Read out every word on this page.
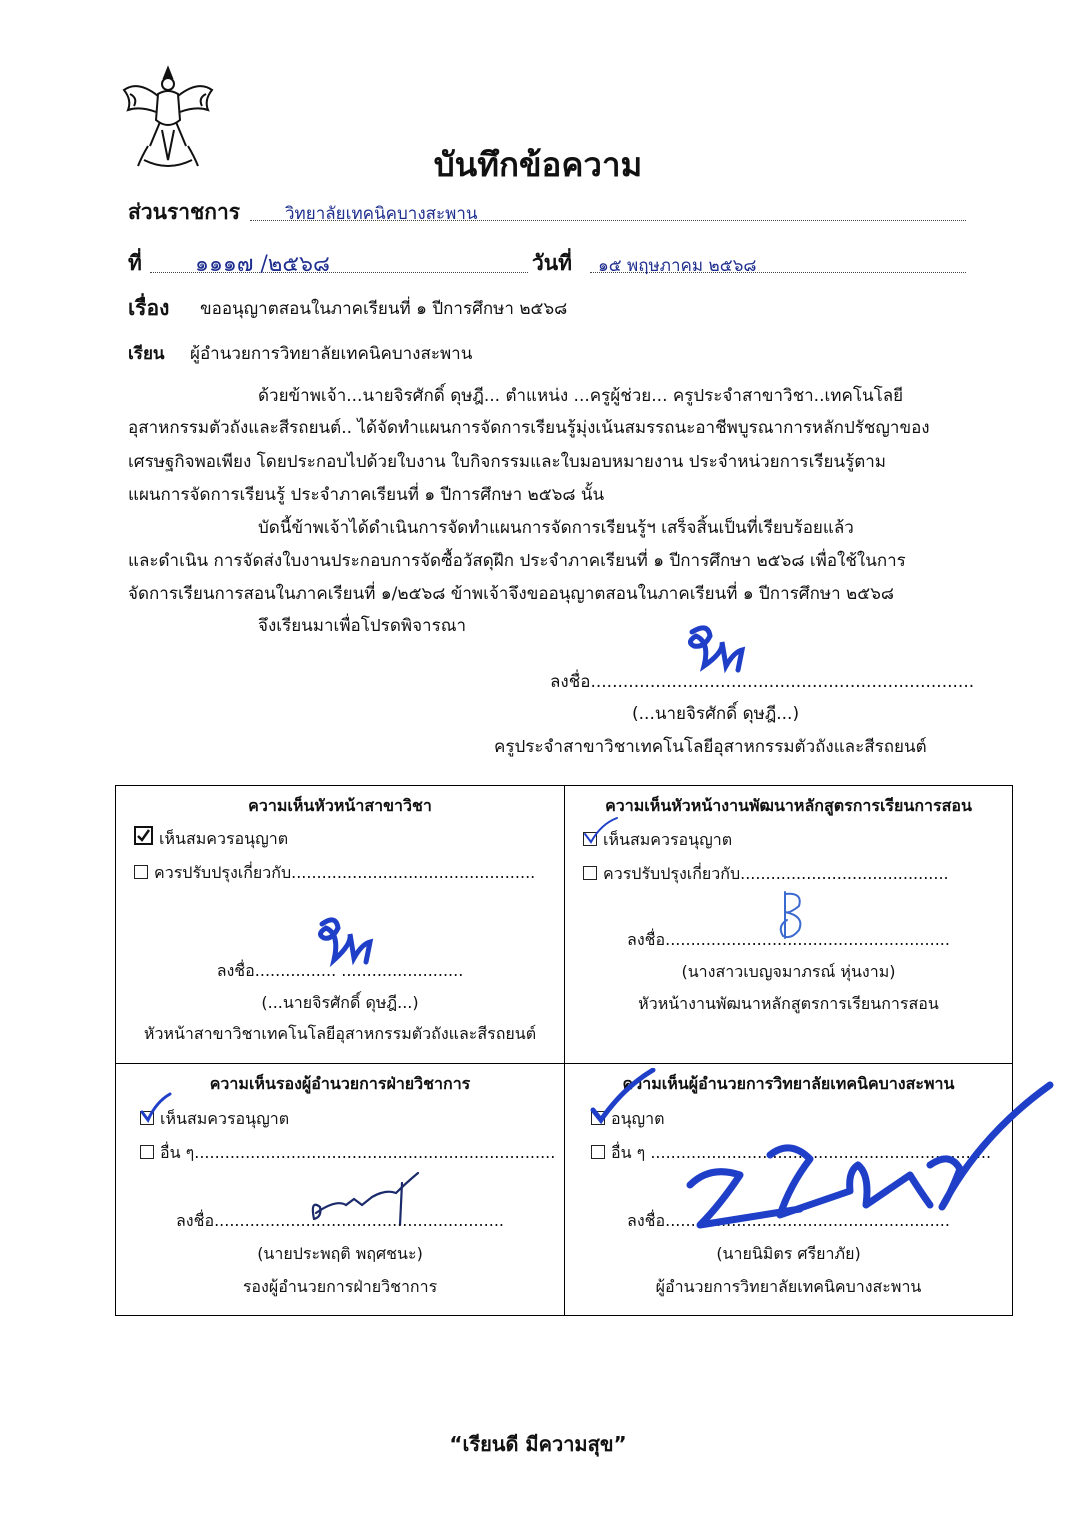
บันทึกข้อความ
ส่วนราชการ	วิทยาลัยเทคนิคบางสะพาน
ที่ ๑๑๑๗ /๒๕๖๘	วันที่ ๑๕ พฤษภาคม ๒๕๖๘
เรื่อง ขออนุญาตสอนในภาคเรียนที่ ๑ ปีการศึกษา ๒๕๖๘
เรียน ผู้อำนวยการวิทยาลัยเทคนิคบางสะพาน
ด้วยข้าพเจ้า...นายจิรศักดิ์ ดุษฎี... ตำแหน่ง ...ครูผู้ช่วย... ครูประจำสาขาวิชา..เทคโนโลยี
อุสาหกรรมตัวถังและสีรถยนต์.. ได้จัดทำแผนการจัดการเรียนรู้มุ่งเน้นสมรรถนะอาชีพบูรณาการหลักปรัชญาของ
เศรษฐกิจพอเพียง โดยประกอบไปด้วยใบงาน ใบกิจกรรมและใบมอบหมายงาน ประจำหน่วยการเรียนรู้ตาม
แผนการจัดการเรียนรู้ ประจำภาคเรียนที่ ๑ ปีการศึกษา ๒๕๖๘ นั้น
บัดนี้ข้าพเจ้าได้ดำเนินการจัดทำแผนการจัดการเรียนรู้ฯ เสร็จสิ้นเป็นที่เรียบร้อยแล้ว
และดำเนิน การจัดส่งใบงานประกอบการจัดซื้อวัสดุฝึก ประจำภาคเรียนที่ ๑ ปีการศึกษา ๒๕๖๘ เพื่อใช้ในการ
จัดการเรียนการสอนในภาคเรียนที่ ๑/๒๕๖๘ ข้าพเจ้าจึงขออนุญาตสอนในภาคเรียนที่ ๑ ปีการศึกษา ๒๕๖๘
จึงเรียนมาเพื่อโปรดพิจารณา
ลงชื่อ.......................................................................
(...นายจิรศักดิ์ ดุษฎี...)
ครูประจำสาขาวิชาเทคโนโลยีอุสาหกรรมตัวถังและสีรถยนต์
ความเห็นหัวหน้าสาขาวิชา
เห็นสมควรอนุญาต
ควรปรับปรุงเกี่ยวกับ................................................
ลงชื่อ................ ........................
(...นายจิรศักดิ์ ดุษฎี...)
หัวหน้าสาขาวิชาเทคโนโลยีอุสาหกรรมตัวถังและสีรถยนต์
ความเห็นหัวหน้างานพัฒนาหลักสูตรการเรียนการสอน
เห็นสมควรอนุญาต
ควรปรับปรุงเกี่ยวกับ.........................................
ลงชื่อ........................................................
(นางสาวเบญจมาภรณ์ หุ่นงาม)
หัวหน้างานพัฒนาหลักสูตรการเรียนการสอน
ความเห็นรองผู้อำนวยการฝ่ายวิชาการ
เห็นสมควรอนุญาต
อื่น ๆ.......................................................................
ลงชื่อ.........................................................
(นายประพฤติ พฤศชนะ)
รองผู้อำนวยการฝ่ายวิชาการ
ความเห็นผู้อำนวยการวิทยาลัยเทคนิคบางสะพาน
อนุญาต
อื่น ๆ ...................................................................
ลงชื่อ........................................................
(นายนิมิตร ศรียาภัย)
ผู้อำนวยการวิทยาลัยเทคนิคบางสะพาน
“เรียนดี มีความสุข”
